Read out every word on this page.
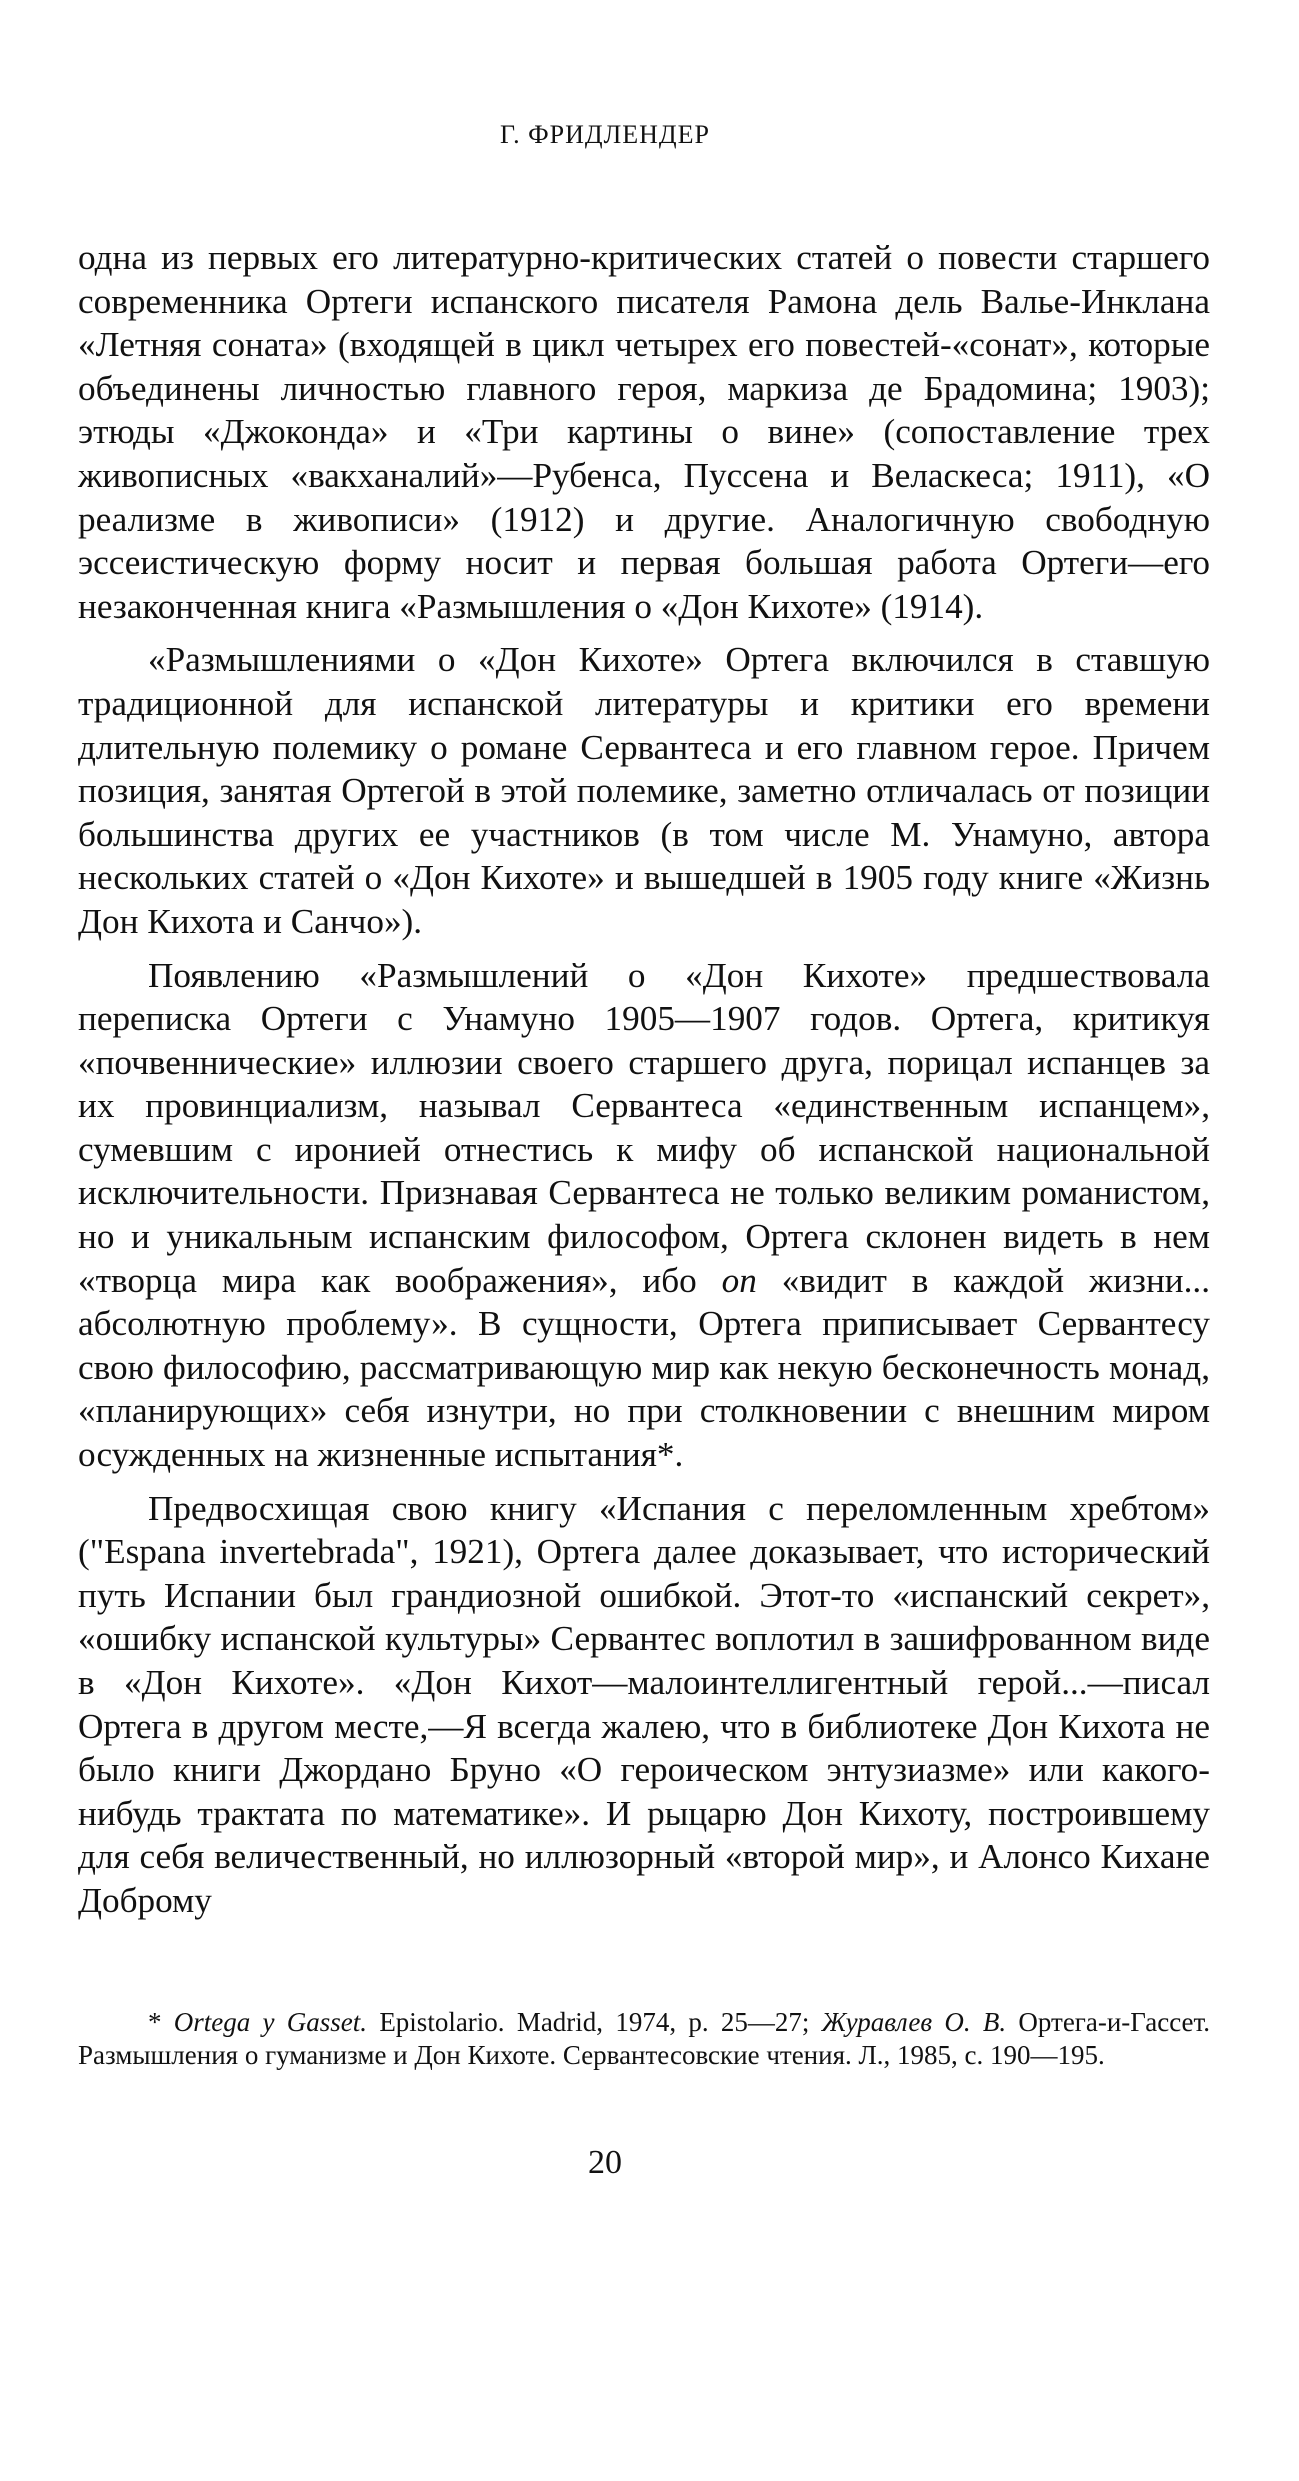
Г. ФРИДЛЕНДЕР

одна из первых его литературно-критических статей о повести старшего современника Ортеги испанского писателя Рамона дель Валье-Инклана «Летняя соната» (входящей в цикл четырех его повестей-«сонат», которые объединены личностью главного героя, маркиза де Брадомина; 1903); этюды «Джоконда» и «Три картины о вине» (сопоставление трех живописных «вакханалий»—Рубенса, Пуссена и Веласкеса; 1911), «О реализме в живописи» (1912) и другие. Аналогичную свободную эссеистическую форму носит и первая большая работа Ортеги—его незаконченная книга «Размышления о «Дон Кихоте» (1914).

«Размышлениями о «Дон Кихоте» Ортега включился в ставшую традиционной для испанской литературы и критики его времени длительную полемику о романе Сервантеса и его главном герое. Причем позиция, занятая Ортегой в этой полемике, заметно отличалась от позиции большинства других ее участников (в том числе М. Унамуно, автора нескольких статей о «Дон Кихоте» и вышедшей в 1905 году книге «Жизнь Дон Кихота и Санчо»).

Появлению «Размышлений о «Дон Кихоте» предшествовала переписка Ортеги с Унамуно 1905—1907 годов. Ортега, критикуя «почвеннические» иллюзии своего старшего друга, порицал испанцев за их провинциализм, называл Сервантеса «единственным испанцем», сумевшим с иронией отнестись к мифу об испанской национальной исключительности. Признавая Сервантеса не только великим романистом, но и уникальным испанским философом, Ортега склонен видеть в нем «творца мира как воображения», ибо оп «видит в каждой жизни... абсолютную проблему». В сущности, Ортега приписывает Сервантесу свою философию, рассматривающую мир как некую бесконечность монад, «планирующих» себя изнутри, но при столкновении с внешним миром осужденных на жизненные испытания*.

Предвосхищая свою книгу «Испания с переломленным хребтом» ("Espana invertebrada", 1921), Ортега далее доказывает, что исторический путь Испании был грандиозной ошибкой. Этот-то «испанский секрет», «ошибку испанской культуры» Сервантес воплотил в зашифрованном виде в «Дон Кихоте». «Дон Кихот—малоинтеллигентный герой...—писал Ортега в другом месте,—Я всегда жалею, что в библиотеке Дон Кихота не было книги Джордано Бруно «О героическом энтузиазме» или какого-нибудь трактата по математике». И рыцарю Дон Кихоту, построившему для себя величественный, но иллюзорный «второй мир», и Алонсо Кихане Доброму

* Ortega у Gasset. Epistolario. Madrid, 1974, p. 25—27; Журавлев О. В. Ортега-и-Гассет. Размышления о гуманизме и Дон Кихоте. Сервантесовские чтения. Л., 1985, с. 190—195.

20
